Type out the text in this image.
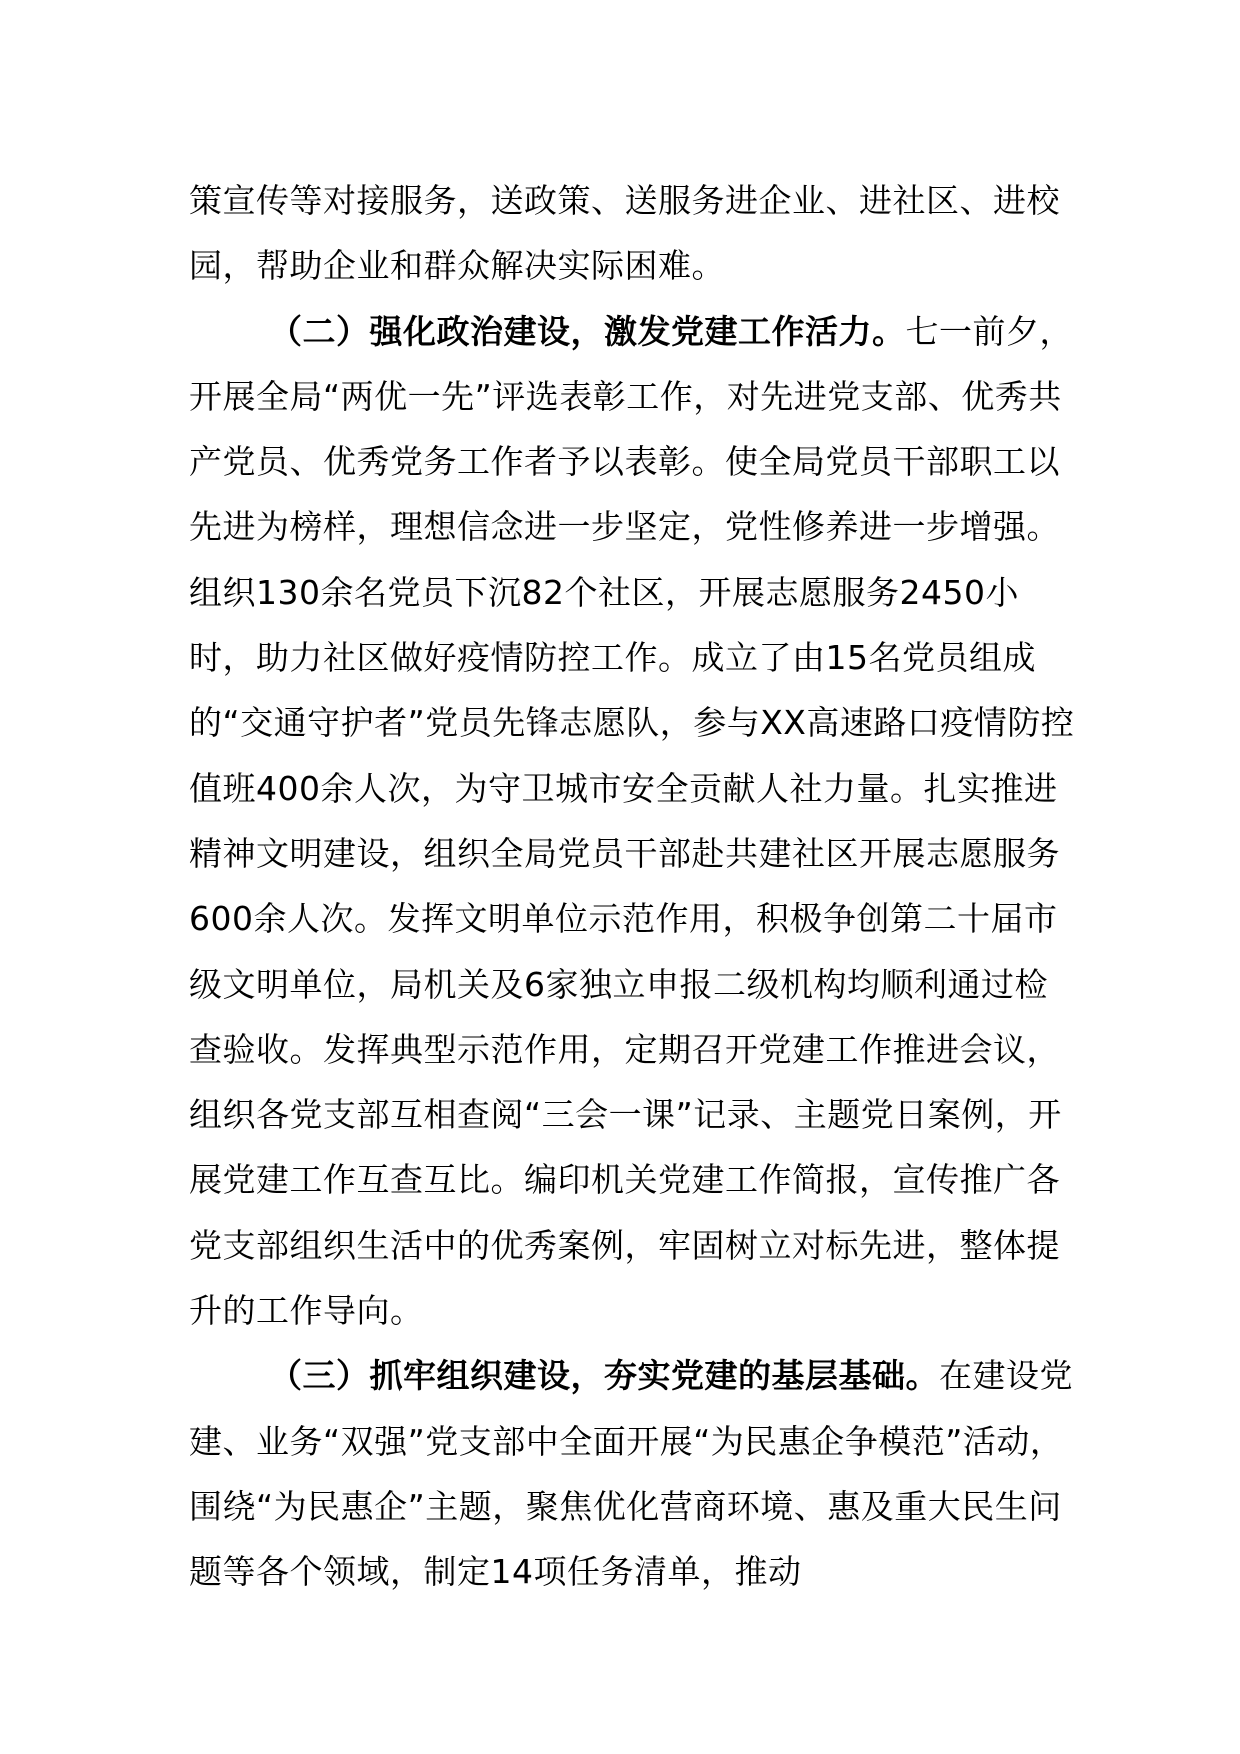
策宣传等对接服务，送政策、送服务进企业、进社区、进校园，帮助企业和群众解决实际困难。

（二）强化政治建设，激发党建工作活力。七一前夕，开展全局“两优一先”评选表彰工作，对先进党支部、优秀共产党员、优秀党务工作者予以表彰。使全局党员干部职工以先进为榜样，理想信念进一步坚定，党性修养进一步增强。组织130余名党员下沉82个社区，开展志愿服务2450小时，助力社区做好疫情防控工作。成立了由15名党员组成的“交通守护者”党员先锋志愿队，参与XX高速路口疫情防控值班400余人次，为守卫城市安全贡献人社力量。扎实推进精神文明建设，组织全局党员干部赴共建社区开展志愿服务600余人次。发挥文明单位示范作用，积极争创第二十届市级文明单位，局机关及6家独立申报二级机构均顺利通过检查验收。发挥典型示范作用，定期召开党建工作推进会议，组织各党支部互相查阅“三会一课”记录、主题党日案例，开展党建工作互查互比。编印机关党建工作简报，宣传推广各党支部组织生活中的优秀案例，牢固树立对标先进，整体提升的工作导向。

（三）抓牢组织建设，夯实党建的基层基础。在建设党建、业务“双强”党支部中全面开展“为民惠企争模范”活动，围绕“为民惠企”主题，聚焦优化营商环境、惠及重大民生问题等各个领域，制定14项任务清单，推动
